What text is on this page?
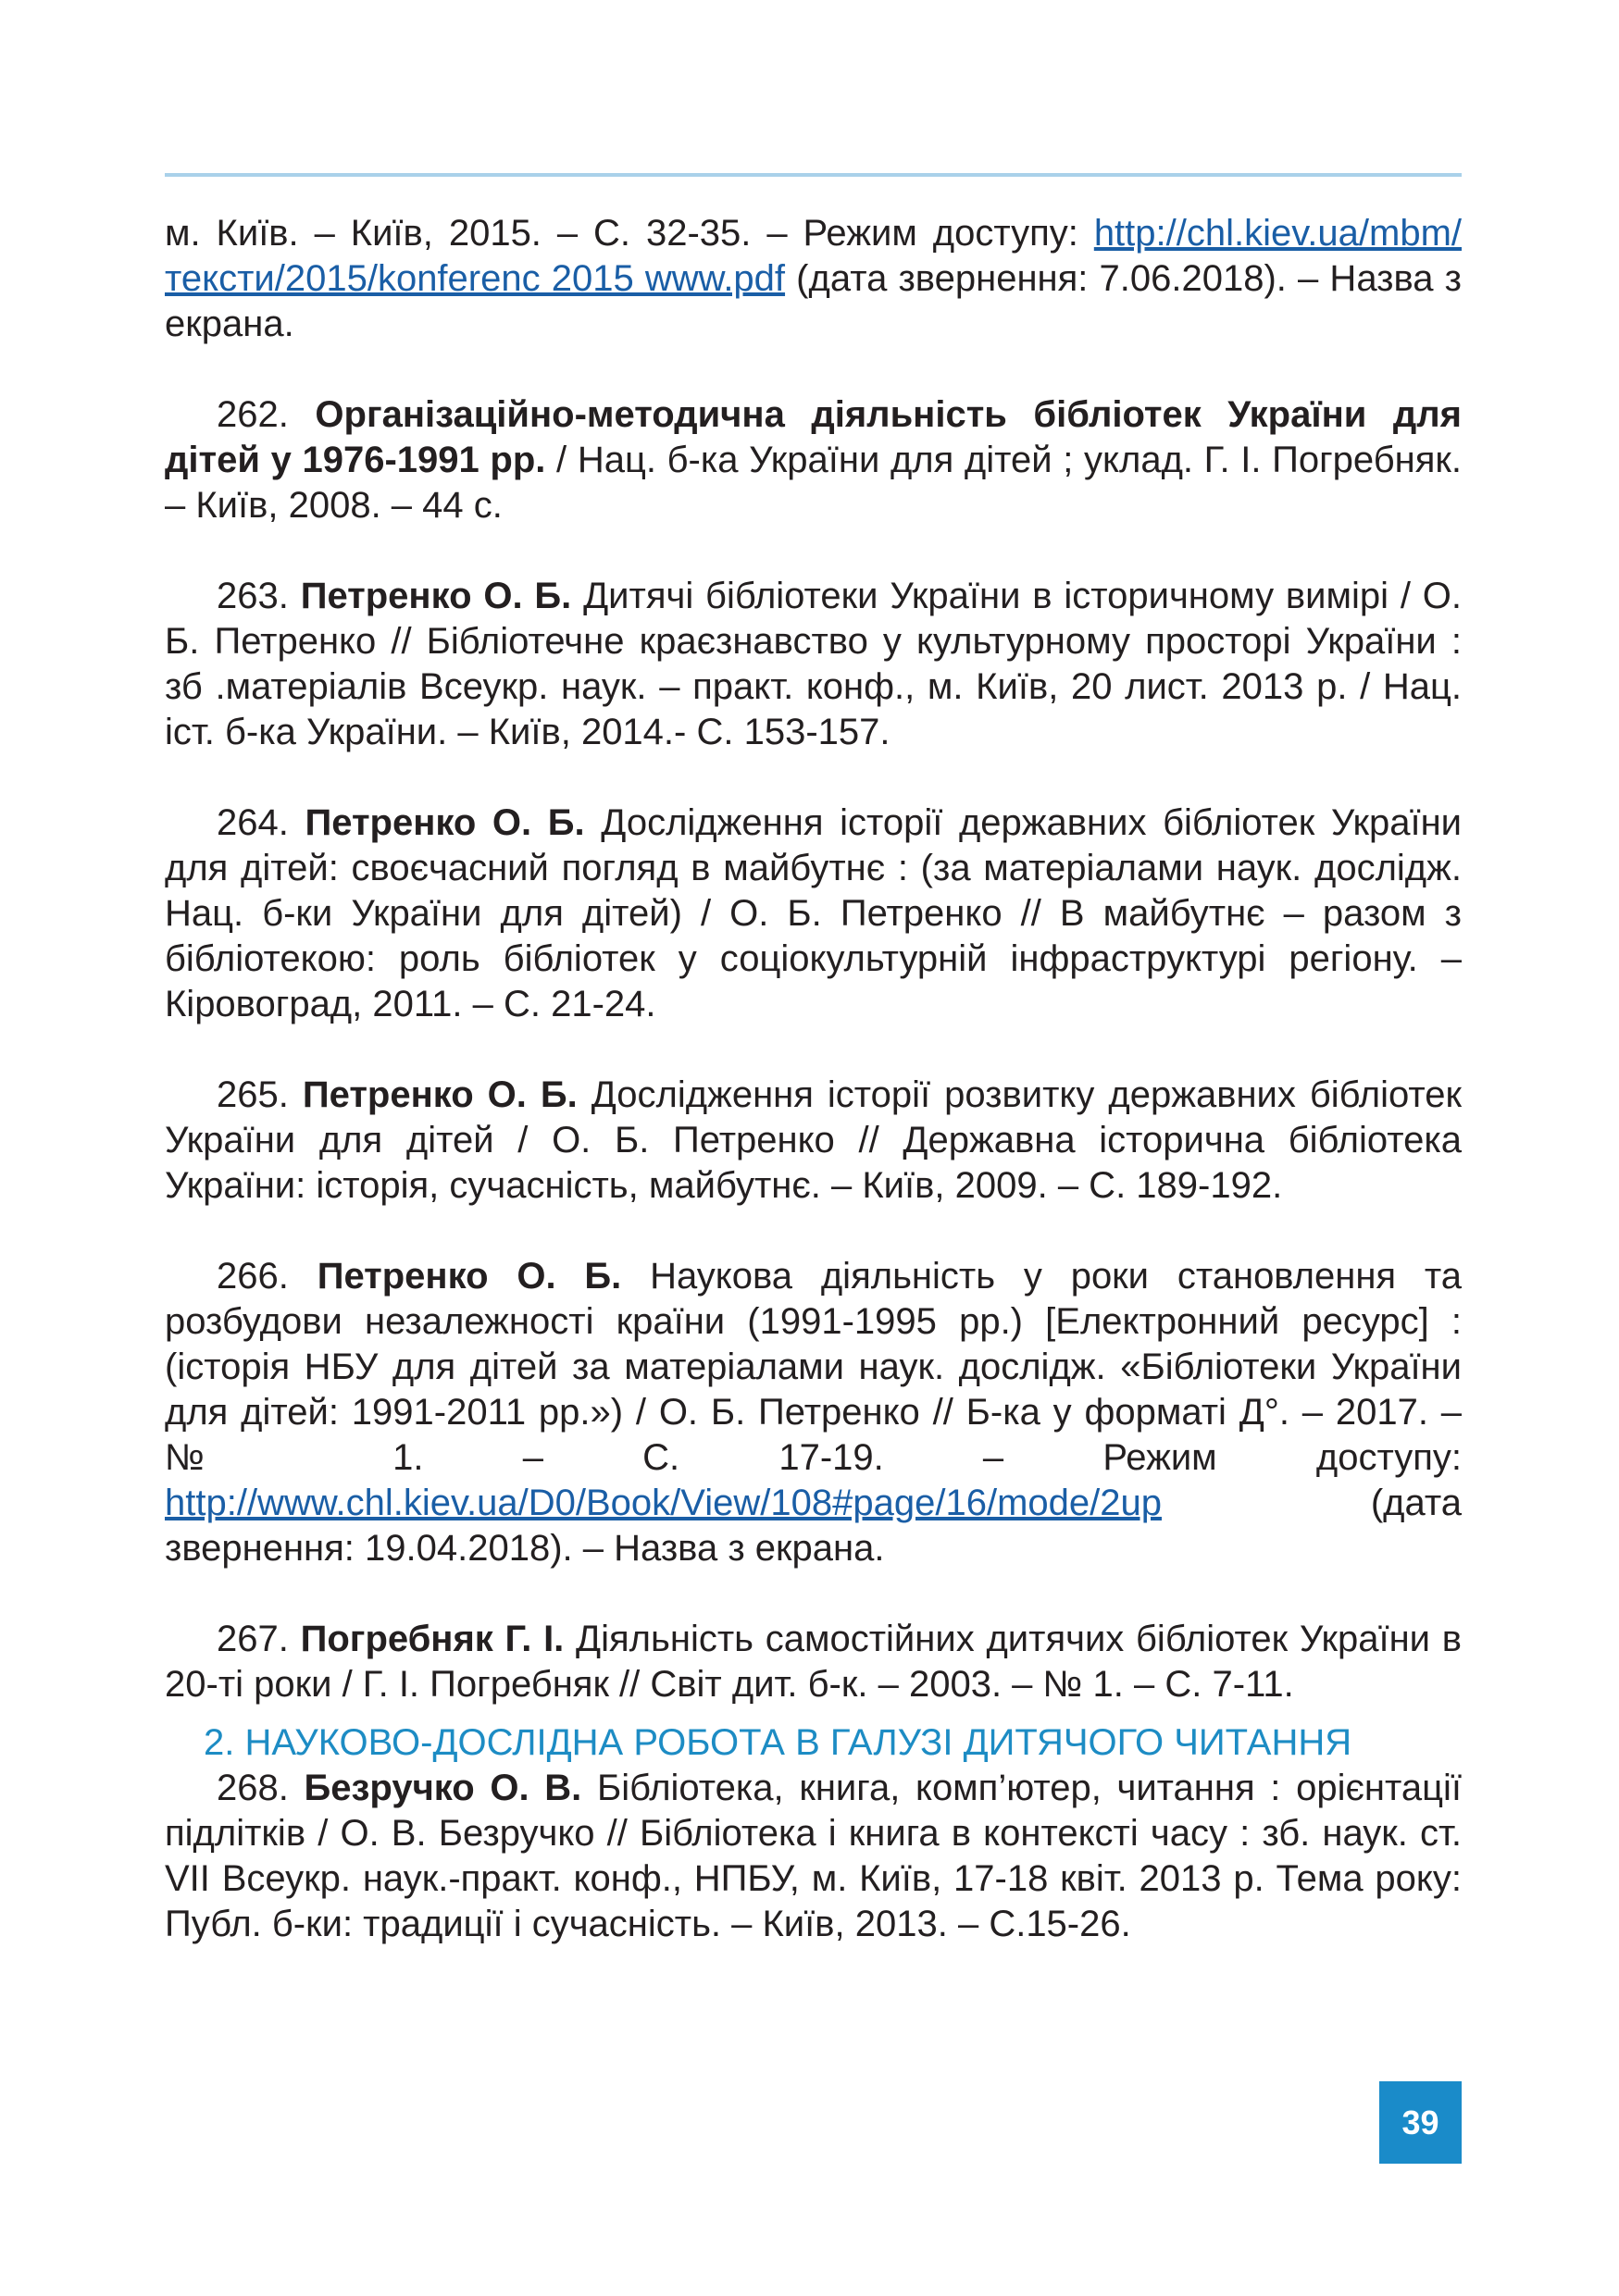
м. Київ. – Київ, 2015. – С. 32-35. – Режим доступу: http://chl.kiev.ua/mbm/тексти/2015/konferenc 2015 www.pdf (дата звернення: 7.06.2018). – Назва з екрана.

262. Організаційно-методична діяльність бібліотек України для дітей у 1976-1991 рр. / Нац. б-ка України для дітей ; уклад. Г. І. Погребняк. – Київ, 2008. – 44 с.

263. Петренко О. Б. Дитячі бібліотеки України в історичному вимірі / О. Б. Петренко // Бібліотечне краєзнавство у культурному просторі України : зб .матеріалів Всеукр. наук. – практ. конф., м. Київ, 20 лист. 2013 р. / Нац. іст. б-ка України. – Київ, 2014.- С. 153-157.

264. Петренко О. Б. Дослідження історії державних бібліотек України для дітей: своєчасний погляд в майбутнє : (за матеріалами наук. дослідж. Нац. б-ки України для дітей) / О. Б. Петренко // В майбутнє – разом з бібліотекою: роль бібліотек у соціокультурній інфраструктурі регіону. – Кіровоград, 2011. – С. 21-24.

265. Петренко О. Б. Дослідження історії розвитку державних бібліотек України для дітей / О. Б. Петренко // Державна історична бібліотека України: історія, сучасність, майбутнє. – Київ, 2009. – С. 189-192.

266. Петренко О. Б. Наукова діяльність у роки становлення та розбудови незалежності країни (1991-1995 рр.) [Електронний ресурс] : (історія НБУ для дітей за матеріалами наук. дослідж. «Бібліотеки України для дітей: 1991-2011 рр.») / О. Б. Петренко // Б-ка у форматі Д°. – 2017. – № 1. – С. 17-19. – Режим доступу: http://www.chl.kiev.ua/D0/Book/View/108#page/16/mode/2up (дата звернення: 19.04.2018). – Назва з екрана.

267. Погребняк Г. І. Діяльність самостійних дитячих бібліотек України в 20-ті роки / Г. І. Погребняк // Світ дит. б-к. – 2003. – № 1. – С. 7-11.

2. НАУКОВО-ДОСЛІДНА РОБОТА В ГАЛУЗІ ДИТЯЧОГО ЧИТАННЯ

268. Безручко О. В. Бібліотека, книга, комп’ютер, читання : орієнтації підлітків / О. В. Безручко // Бібліотека і книга в контексті часу : зб. наук. ст. VII Всеукр. наук.-практ. конф., НПБУ, м. Київ, 17-18 квіт. 2013 р. Тема року: Публ. б-ки: традиції і сучасність. – Київ, 2013. – С.15-26.

39
